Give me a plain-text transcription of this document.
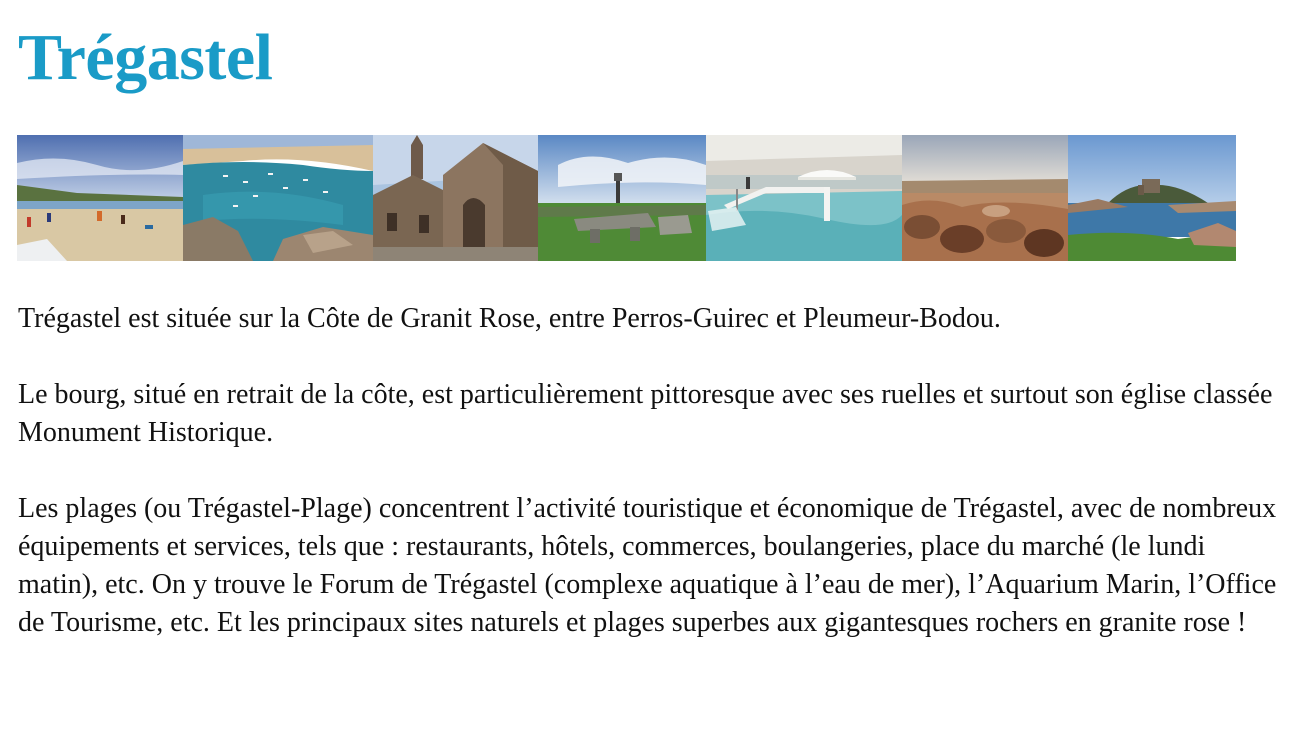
Trégastel

Trégastel est située sur la Côte de Granit Rose, entre Perros-Guirec et Pleumeur-Bodou.

Le bourg, situé en retrait de la côte, est particulièrement pittoresque avec ses ruelles et surtout son église classée Monument Historique.

Les plages (ou Trégastel-Plage) concentrent l’activité touristique et économique de Trégastel, avec de nombreux équipements et services, tels que : restaurants, hôtels, commerces, boulangeries, place du marché (le lundi matin), etc. On y trouve le Forum de Trégastel (complexe aquatique à l’eau de mer), l’Aquarium Marin, l’Office de Tourisme, etc. Et les principaux sites naturels et plages superbes aux gigantesques rochers en granite rose !
